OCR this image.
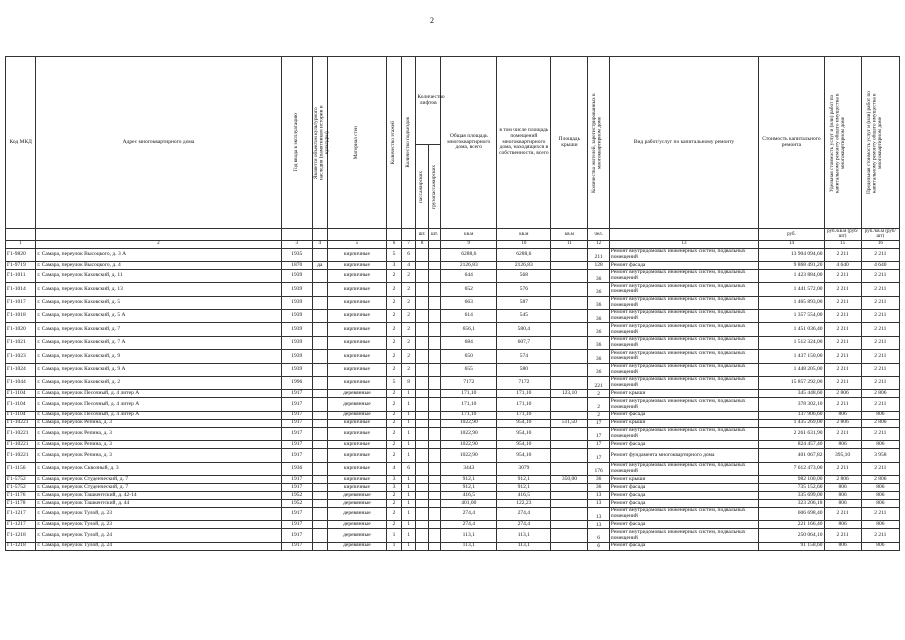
2
Код МКД	Адрес многоквартирного дома	Год ввода в эксплуатацию	Является объектом культурного наследия (памятником истории и культуры)	Материал стен	Количество этажей	Количество подъездов	Количество лифтов		Общая площадь многоквартирного дома, всего	в том числе площадь помещений многоквартирного дома, находящихся в собственности, всего	Площадь крыши	Количество жителей, зарегистрированных в многоквартирном доме	Вид работ/услуг по капитальному ремонту	Стоимость капитального ремонта	Удельная стоимость услуг и (или) работ по капитальному ремонту общего имущества в многоквартирном доме	Предельная стоимость услуг и (или) работ по капитальному ремонту общего имущества в многоквартирном доме

							пассажирских	грузопассажирских								

							шт.	шт.	кв.м	кв.м	кв.м	чел.		руб.	руб./кв.м (руб/шт)	руб./кв.м (руб/шт)
1	2	3	4	5	6	7	8		9	10	11	12	13	14	15	16
Г1-9820	г. Самара, переулок Высоцкого, д. 3 А	1935		кирпичные	5	6			6288,6	6288,6		211	Ремонт внутридомовых инженерных систем, подвальных помещений	13 904 094,60	2 211	2 211
Г1-9719	г. Самара, переулок Высоцкого, д. 4	1870	да	кирпичные	3	4			2126,83	2126,83		128	Ремонт фасада	9 868 491,20	4 640	4 640
Г1-1011	г. Самара, переулок Каховский, д. 11	1939		кирпичные	2	2			644	568		36	Ремонт внутридомовых инженерных систем, подвальных помещений	1 423 884,00	2 211	2 211
Г1-1014	г. Самара, переулок Каховский, д. 13	1939		кирпичные	2	2			652	576		36	Ремонт внутридомовых инженерных систем, подвальных помещений	1 441 572,00	2 211	2 211
Г1-1017	г. Самара, переулок Каховский, д. 5	1939		кирпичные	2	2			663	587		36	Ремонт внутридомовых инженерных систем, подвальных помещений	1 465 893,00	2 211	2 211
Г1-1018	г. Самара, переулок Каховский, д. 5 А	1939		кирпичные	2	2			614	545		36	Ремонт внутридомовых инженерных систем, подвальных помещений	1 357 554,00	2 211	2 211
Г1-1020	г. Самара, переулок Каховский, д. 7	1939		кирпичные	2	2			656,1	580,4		36	Ремонт внутридомовых инженерных систем, подвальных помещений	1 451 036,40	2 211	2 211
Г1-1021	г. Самара, переулок Каховский, д. 7 А	1939		кирпичные	2	2			684	607,7		36	Ремонт внутридомовых инженерных систем, подвальных помещений	1 512 324,00	2 211	2 211
Г1-1023	г. Самара, переулок Каховский, д. 9	1939		кирпичные	2	2			650	574		36	Ремонт внутридомовых инженерных систем, подвальных помещений	1 437 150,00	2 211	2 211
Г1-1024	г. Самара, переулок Каховский, д. 9 А	1939		кирпичные	2	2			655	580		36	Ремонт внутридомовых инженерных систем, подвальных помещений	1 448 205,00	2 211	2 211
Г1-1044	г. Самара, переулок Каховский, д. 2	1996		кирпичные	5	8			7172	7172		221	Ремонт внутридомовых инженерных систем, подвальных помещений	15 857 292,00	2 211	2 211
Г1-1104	г. Самара, переулок Песочный, д. 4 литер А	1917		деревянные	2	1			171,10	171,10	123,10	2	Ремонт крыши	345 448,60	2 806	2 806
Г1-1104	г. Самара, переулок Песочный, д. 4 литер А	1917		деревянные	2	1			171,10	171,10		2	Ремонт внутридомовых инженерных систем, подвальных помещений	378 302,10	2 211	2 211
Г1-1104	г. Самара, переулок Песочный, д. 4 литер А	1917		деревянные	2	1			171,10	171,10		2	Ремонт фасада	137 906,60	806	806
Г1-10221	г. Самара, переулок Репина, д. 3	1917		кирпичные	2	1			1022,90	954,10	511,50	17	Ремонт крыши	1 435 269,00	2 806	2 806
Г1-10221	г. Самара, переулок Репина, д. 3	1917		кирпичные	2	1			1022,90	954,10		17	Ремонт внутридомовых инженерных систем, подвальных помещений	2 261 631,90	2 211	2 211
Г1-10221	г. Самара, переулок Репина, д. 3	1917		кирпичные	2	1			1022,90	954,10		17	Ремонт фасада	824 457,40	806	806
Г1-10221	г. Самара, переулок Репина, д. 3	1917		кирпичные	2	1			1022,90	954,10		17	Ремонт фундамента многоквартирного дома	401 067,82	395,10	3 958
Г1-1156	г. Самара, переулок Сквозный, д. 3	1936		кирпичные	4	6			3443	3079		176	Ремонт внутридомовых инженерных систем, подвальных помещений	7 612 473,00	2 211	2 211
Г1-5752	г. Самара, переулок Студенческий, д. 7	1917		кирпичные	3	1			912,1	912,1	350,00	36	Ремонт крыши	982 100,00	2 806	2 806
Г1-5752	г. Самара, переулок Студенческий, д. 7	1917		кирпичные	3	1			912,1	912,1		36	Ремонт фасада	735 152,60	806	806
Г1-1176	г. Самара, переулок Ташкентский, д. 42-14	1952		деревянные	2	1			416,5	416,5		13	Ремонт фасада	335 699,00	806	806
Г1-1178	г. Самара, переулок Ташкентский, д. 44	1952		деревянные	2	1			401,00	122,23		13	Ремонт фасада	323 206,18	806	806
Г1-1217	г. Самара, переулок Тулой, д. 23	1917		деревянные	2	1			274,4	274,4		13	Ремонт внутридомовых инженерных систем, подвальных помещений	606 698,40	2 211	2 211
Г1-1217	г. Самара, переулок Тулой, д. 23	1917		деревянные	2	1			274,4	274,4		13	Ремонт фасада	221 166,40	806	806
Г1-1218	г. Самара, переулок Тулой, д. 24	1917		деревянные	1	1			113,1	113,1		6	Ремонт внутридомовых инженерных систем, подвальных помещений	250 064,10	2 211	2 211
Г1-1218	г. Самара, переулок Тулой, д. 24	1917		деревянные	1	1			113,1	113,1		6	Ремонт фасада	91 158,60	806	806
